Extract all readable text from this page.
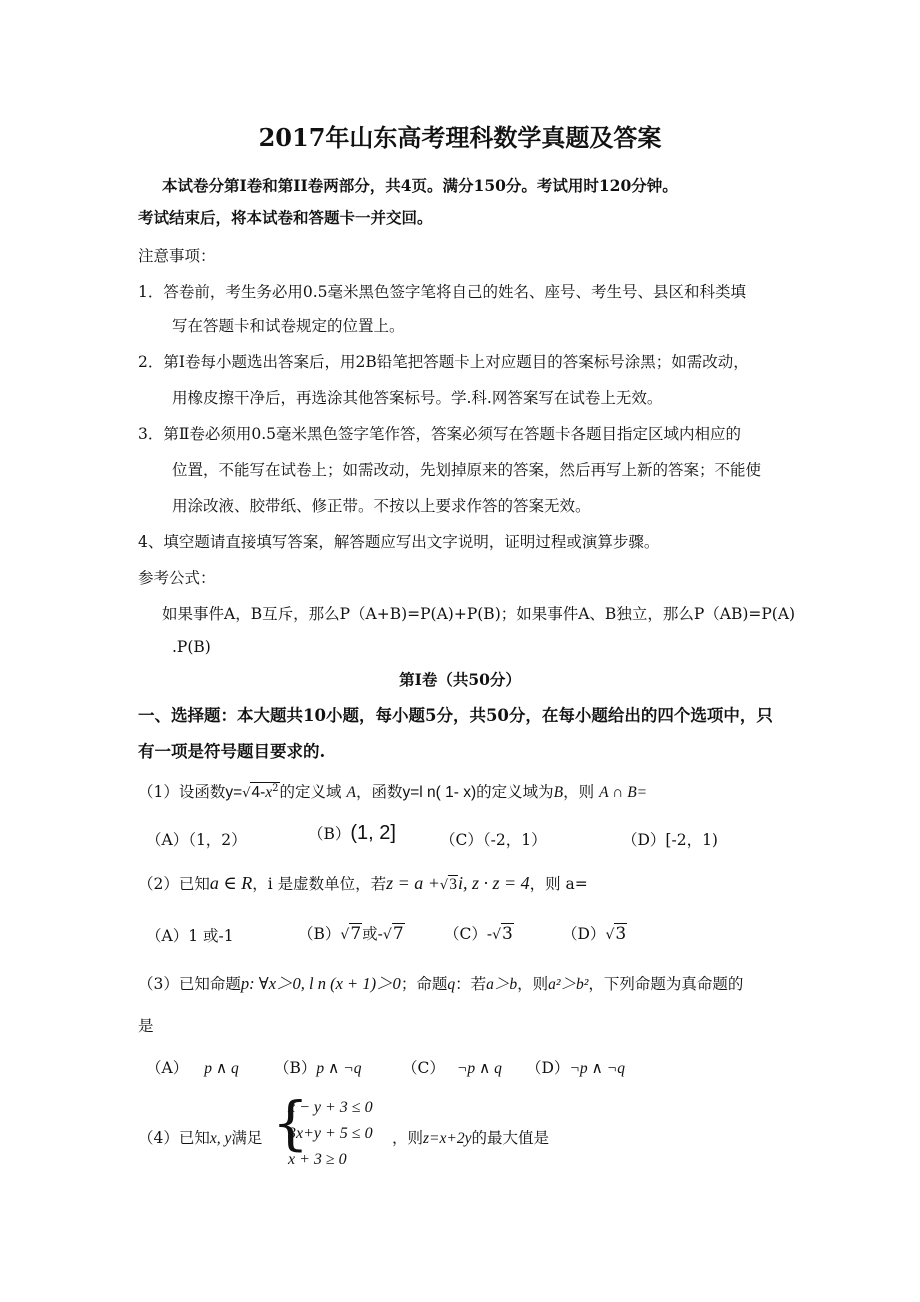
2017年山东高考理科数学真题及答案
本试卷分第Ⅰ卷和第II卷两部分，共4页。满分150分。考试用时120分钟。
考试结束后，将本试卷和答题卡一并交回。
注意事项：
1．答卷前，考生务必用0.5毫米黑色签字笔将自己的姓名、座号、考生号、县区和科类填
写在答题卡和试卷规定的位置上。
2．第Ⅰ卷每小题选出答案后，用2B铅笔把答题卡上对应题目的答案标号涂黑；如需改动，
用橡皮擦干净后，再选涂其他答案标号。学.科.网答案写在试卷上无效。
3．第Ⅱ卷必须用0.5毫米黑色签字笔作答，答案必须写在答题卡各题目指定区域内相应的
位置，不能写在试卷上；如需改动，先划掉原来的答案，然后再写上新的答案；不能使
用涂改液、胶带纸、修正带。不按以上要求作答的答案无效。
4、填空题请直接填写答案，解答题应写出文字说明，证明过程或演算步骤。
参考公式：
如果事件A，B互斥，那么P（A+B)=P(A)+P(B)；如果事件A、B独立，那么P（AB)=P(A)
.P(B)
第Ⅰ卷（共50分）
一、选择题：本大题共10小题，每小题5分，共50分，在每小题给出的四个选项中，只
有一项是符号题目要求的.
（1）设函数$y=√4-x^2$的定义域 A，函数y=l n( 1- x)的定义域为B，则 A ∩ B=
（A）（1，2）	（B）(1, 2]	（C）（-2，1）	（D）[-2，1)
（2）已知a ∈ R，i 是虚数单位，若z = a +√3i, z · z = 4，则 a=
（A）1 或-1	（B）√7或-√7	（C）-√3	（D）√3
（3）已知命题p: ∀x＞0, l n (x + 1)＞0；命题q：若a＞b，则a²＞b²，下列命题为真命题的
是
（A） p ∧ q （B）p ∧ ¬q	（C） ¬p ∧ q （D）¬p ∧ ¬q
（4）已知x, y满足 {
x − y + 3 ≤ 0
3x+y + 5 ≤ 0
x + 3 ≥ 0
，则z=x+2y的最大值是
